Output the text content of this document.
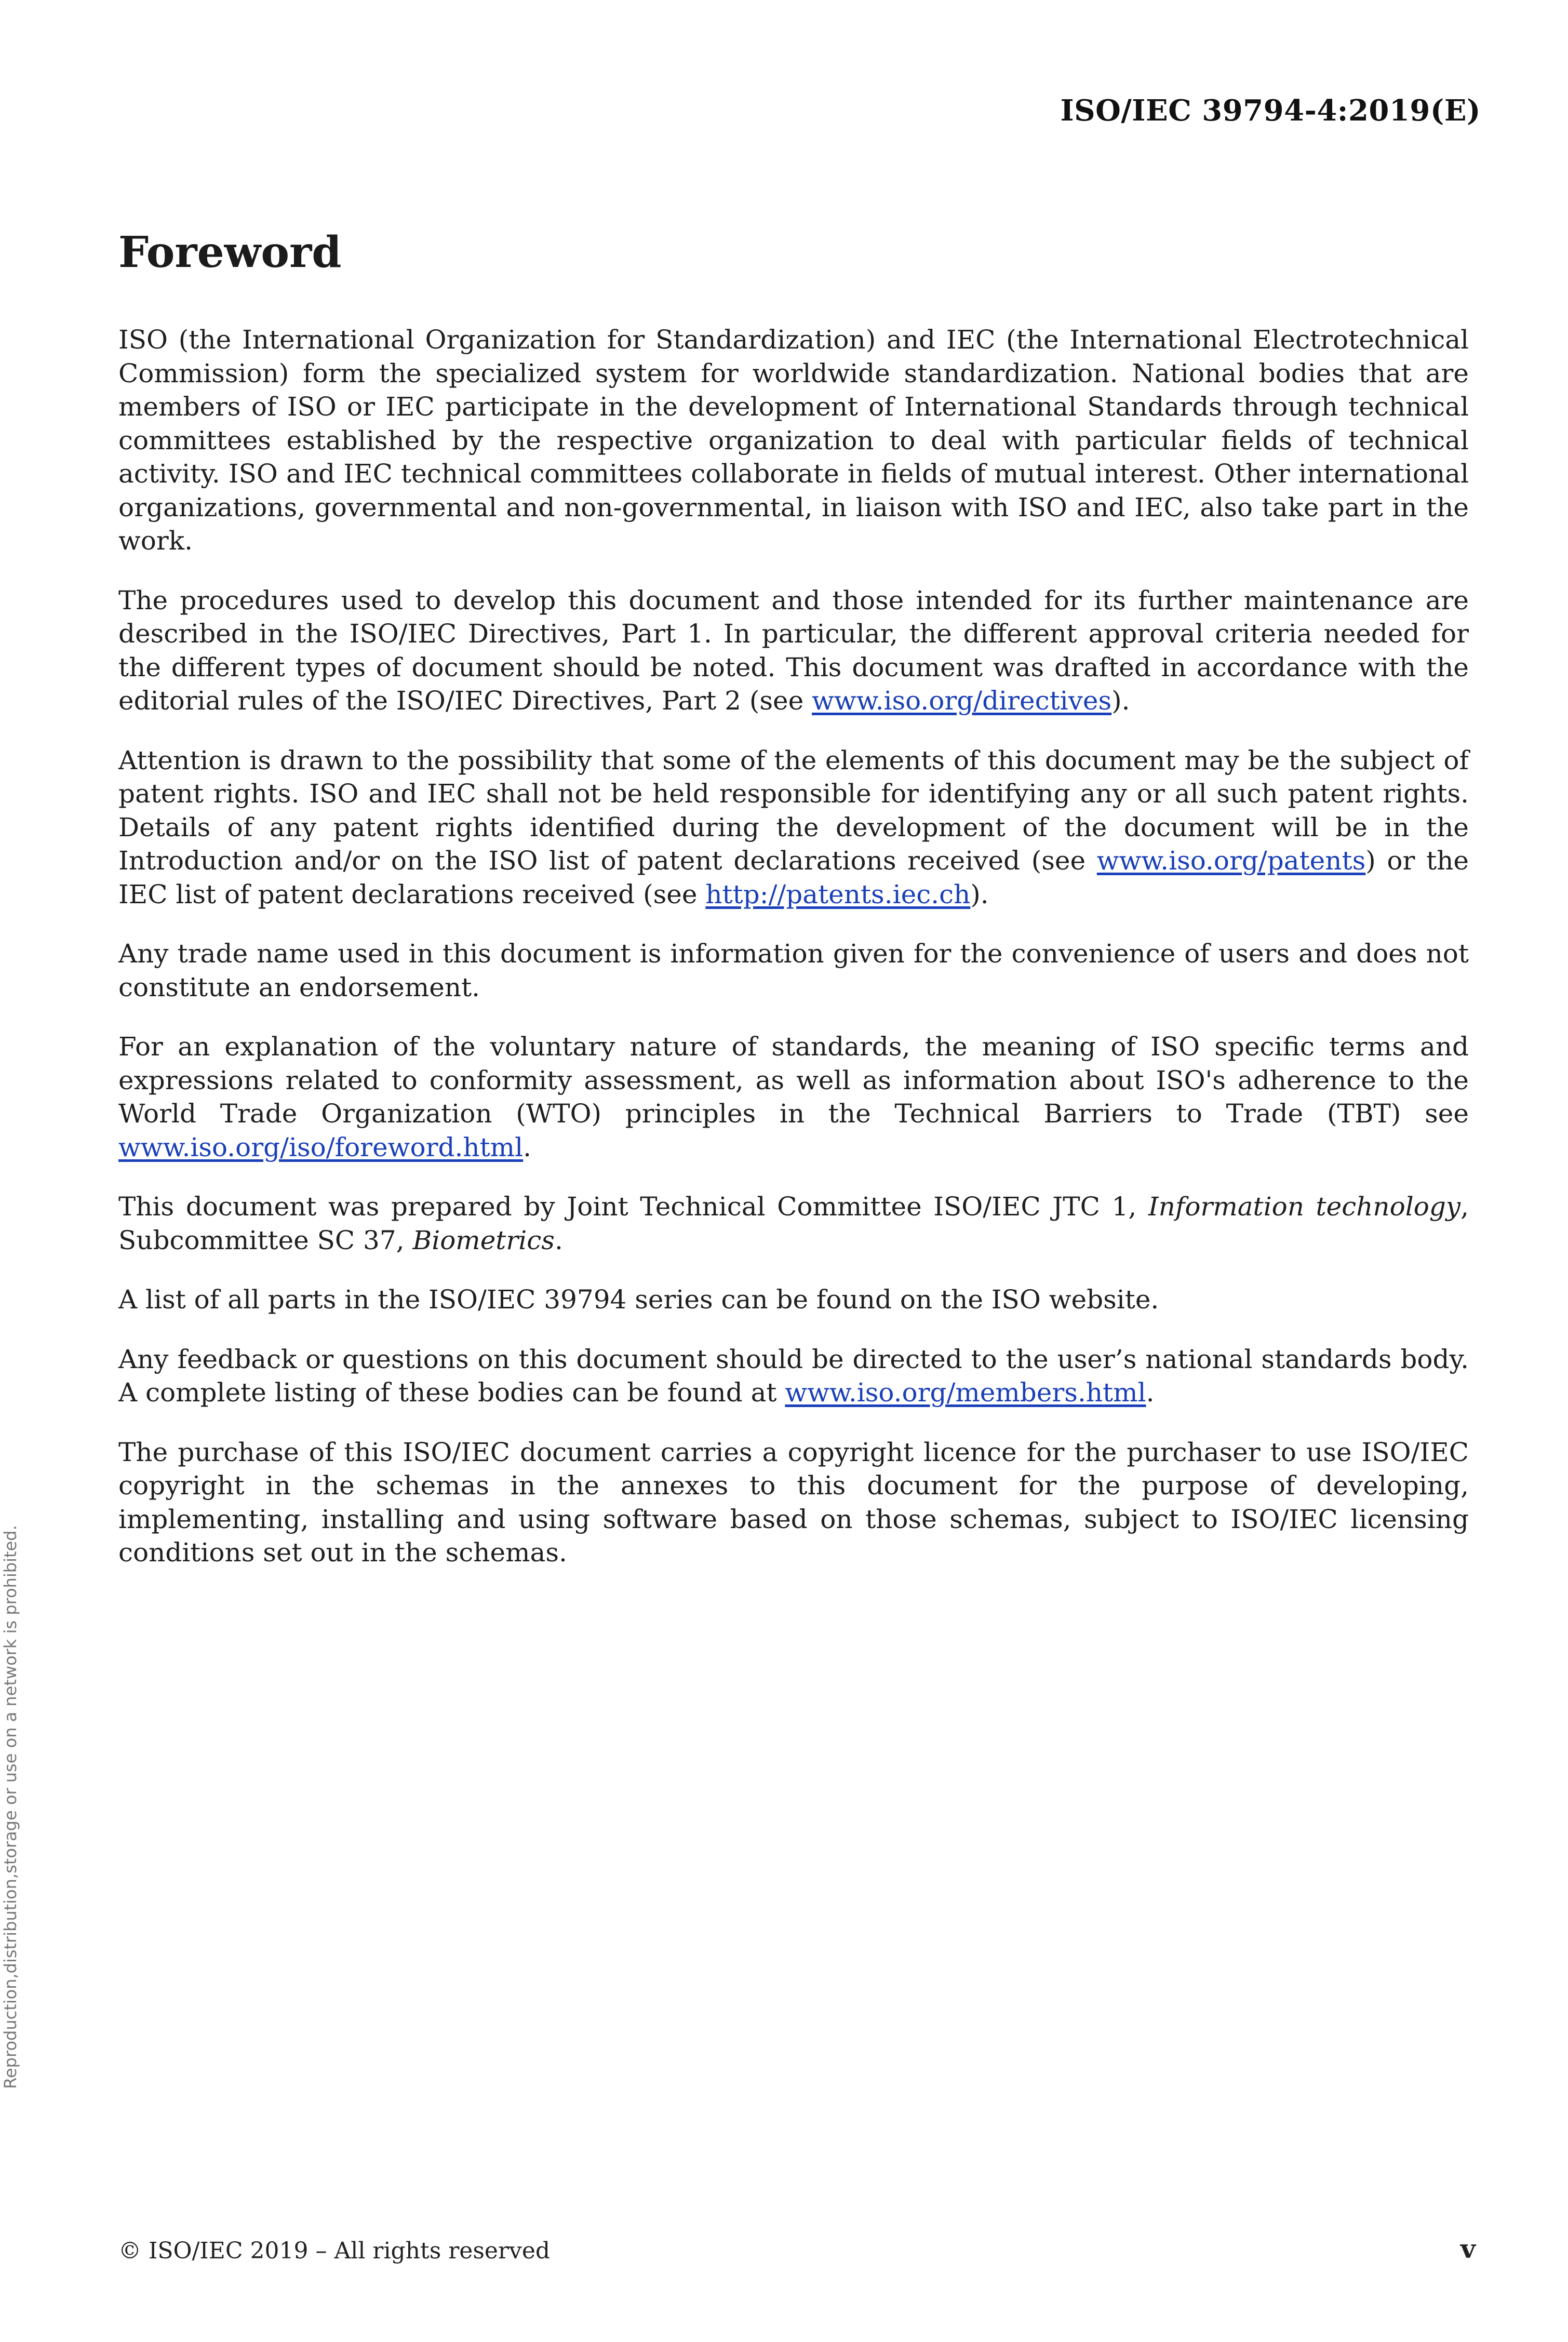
ISO/IEC 39794-4:2019(E)
Foreword

ISO (the International Organization for Standardization) and IEC (the International Electrotechnical Commission) form the specialized system for worldwide standardization. National bodies that are members of ISO or IEC participate in the development of International Standards through technical committees established by the respective organization to deal with particular fields of technical activity. ISO and IEC technical committees collaborate in fields of mutual interest. Other international organizations, governmental and non-governmental, in liaison with ISO and IEC, also take part in the work.

The procedures used to develop this document and those intended for its further maintenance are described in the ISO/IEC Directives, Part 1. In particular, the different approval criteria needed for the different types of document should be noted. This document was drafted in accordance with the editorial rules of the ISO/IEC Directives, Part 2 (see www.iso.org/directives).

Attention is drawn to the possibility that some of the elements of this document may be the subject of patent rights. ISO and IEC shall not be held responsible for identifying any or all such patent rights. Details of any patent rights identified during the development of the document will be in the Introduction and/or on the ISO list of patent declarations received (see www.iso.org/patents) or the IEC list of patent declarations received (see http://patents.iec.ch).

Any trade name used in this document is information given for the convenience of users and does not constitute an endorsement.

For an explanation of the voluntary nature of standards, the meaning of ISO specific terms and expressions related to conformity assessment, as well as information about ISO's adherence to the World Trade Organization (WTO) principles in the Technical Barriers to Trade (TBT) see www.iso.org/iso/foreword.html.

This document was prepared by Joint Technical Committee ISO/IEC JTC 1, Information technology, Subcommittee SC 37, Biometrics.

A list of all parts in the ISO/IEC 39794 series can be found on the ISO website.

Any feedback or questions on this document should be directed to the user’s national standards body. A complete listing of these bodies can be found at www.iso.org/members.html.

The purchase of this ISO/IEC document carries a copyright licence for the purchaser to use ISO/IEC copyright in the schemas in the annexes to this document for the purpose of developing, implementing, installing and using software based on those schemas, subject to ISO/IEC licensing conditions set out in the schemas.

Reproduction,distribution,storage or use on a network is prohibited.
© ISO/IEC 2019 – All rights reserved	v
